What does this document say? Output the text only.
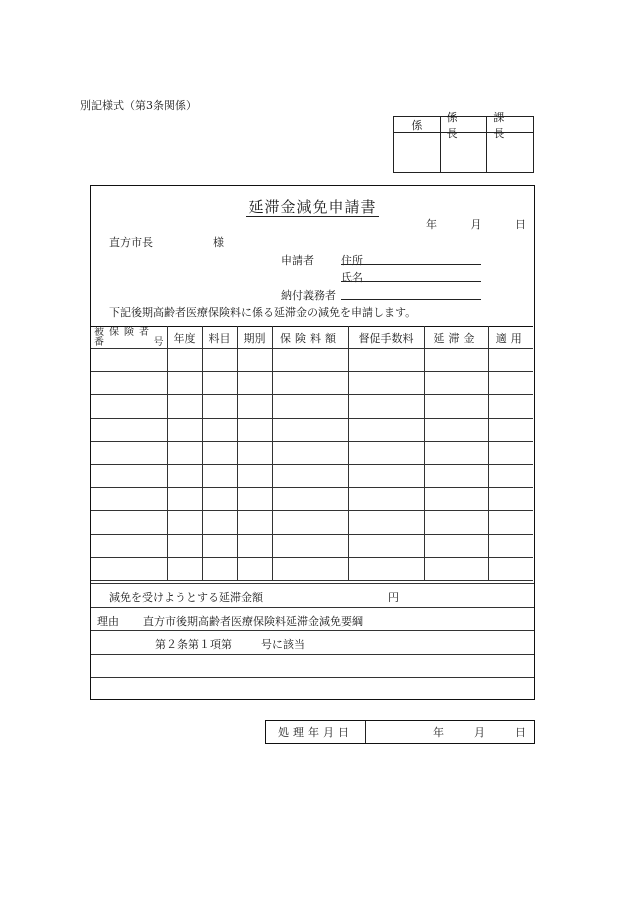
別記様式（第3条関係）
係
係長
課長
延滞金減免申請書
年	月	日
直方市長	様
申請者 住所
氏名
納付義務者
下記後期高齢者医療保険料に係る延滞金の減免を申請します。
被保険者
番 号	年度	料目	期別	保険料額	督促手数料	延滞金	適用

減免を受けようとする延滞金額	円
理由 直方市後期高齢者医療保険料延滞金減免要綱
第２条第１項第	号に該当
処理年月日	年	月	日
